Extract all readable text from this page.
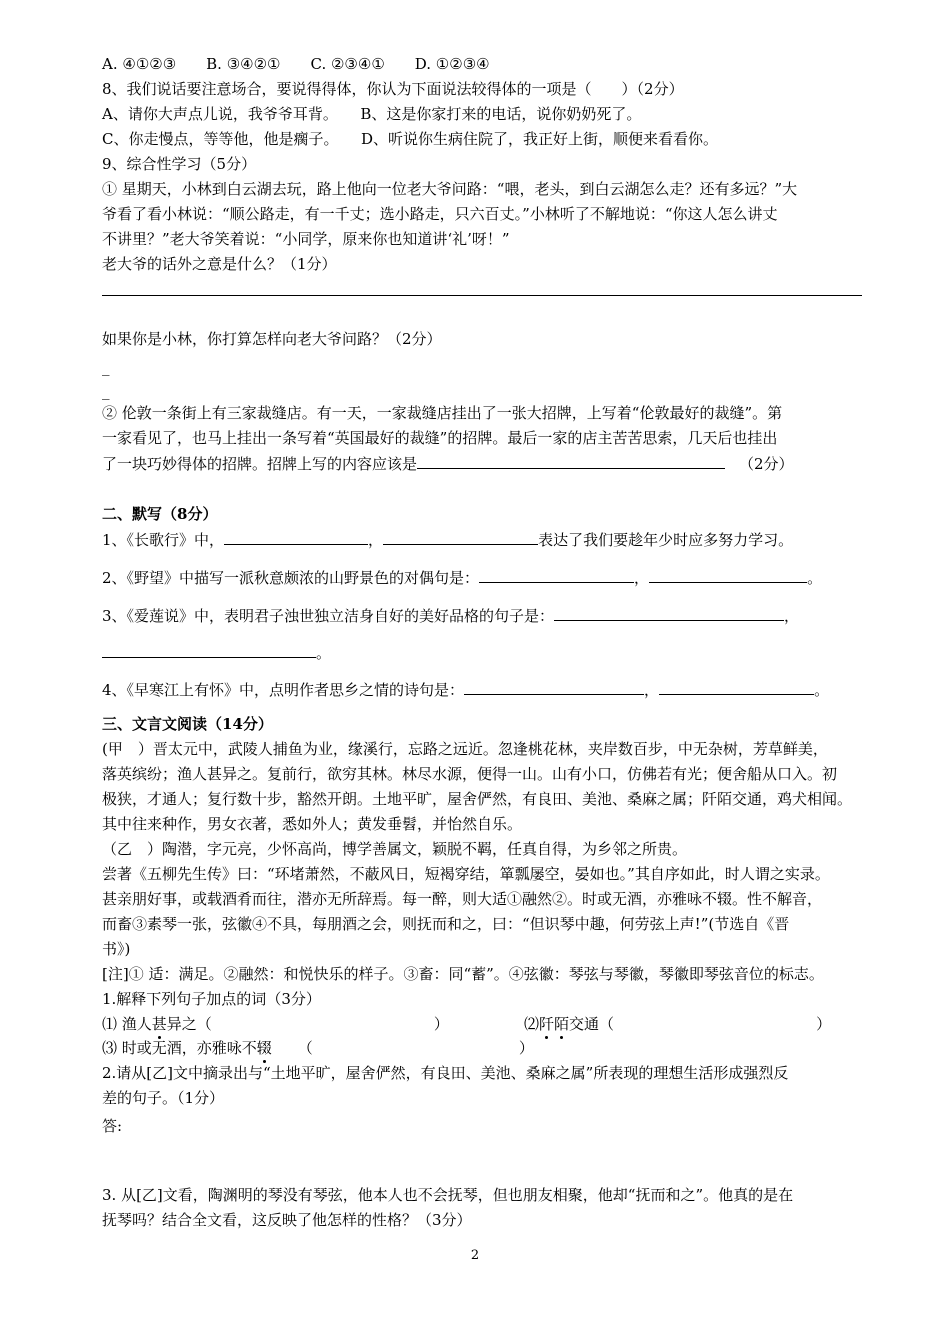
A. ④①②③　　B. ③④②①　　C. ②③④①　　D. ①②③④
8、我们说话要注意场合，要说得得体，你认为下面说法较得体的一项是（　　）（2分）
A、请你大声点儿说，我爷爷耳背。　　B、这是你家打来的电话，说你奶奶死了。
C、你走慢点，等等他，他是瘸子。　　D、听说你生病住院了，我正好上街，顺便来看看你。
9、综合性学习（5分）
① 星期天，小林到白云湖去玩，路上他向一位老大爷问路：“喂，老头，到白云湖怎么走？还有多远？”大
爷看了看小林说：“顺公路走，有一千丈；选小路走，只六百丈。”小林听了不解地说：“你这人怎么讲丈
不讲里？”老大爷笑着说：“小同学，原来你也知道讲‘礼’呀！”
老大爷的话外之意是什么？（1分）
如果你是小林，你打算怎样向老大爷问路？（2分）
_
_
② 伦敦一条街上有三家裁缝店。有一天，一家裁缝店挂出了一张大招牌，上写着“伦敦最好的裁缝”。第
一家看见了，也马上挂出一条写着“英国最好的裁缝”的招牌。最后一家的店主苦苦思索，几天后也挂出
了一块巧妙得体的招牌。招牌上写的内容应该是	（2分）
二、默写（8分）
1、《长歌行》中，	，	表达了我们要趁年少时应多努力学习。
2、《野望》中描写一派秋意颇浓的山野景色的对偶句是：	，	。
3、《爱莲说》中，表明君子浊世独立洁身自好的美好品格的句子是：	，
。
4、《早寒江上有怀》中，点明作者思乡之情的诗句是：	，	。
三、文言文阅读（14分）
(甲　）晋太元中，武陵人捕鱼为业，缘溪行，忘路之远近。忽逢桃花林，夹岸数百步，中无杂树，芳草鲜美，
落英缤纷；渔人甚异之。复前行，欲穷其林。林尽水源，便得一山。山有小口，仿佛若有光；便舍船从口入。初
极狭，才通人；复行数十步，豁然开朗。土地平旷，屋舍俨然，有良田、美池、桑麻之属；阡陌交通，鸡犬相闻。
其中往来种作，男女衣著，悉如外人；黄发垂髫，并怡然自乐。
（乙　）陶潜，字元亮，少怀高尚，博学善属文，颖脱不羁，任真自得，为乡邻之所贵。
尝著《五柳先生传》曰：“环堵萧然，不蔽风日，短褐穿结，箪瓢屡空，晏如也。”其自序如此，时人谓之实录。
甚亲朋好事，或载酒肴而往，潜亦无所辞焉。每一醉，则大适①融然②。时或无酒，亦雅咏不辍。性不解音，
而畜③素琴一张，弦徽④不具，每朋酒之会，则抚而和之，曰：“但识琴中趣，何劳弦上声!”(节选自《晋
书》)
[注]① 适：满足。②融然：和悦快乐的样子。③畜：同“蓄”。④弦徽：琴弦与琴徽，琴徽即琴弦音位的标志。
1.解释下列句子加点的词（3分）
⑴ 渔人甚异之（	）	⑵阡陌交通（	）
⑶ 时或无酒，亦雅咏不辍 （	）
2.请从[乙]文中摘录出与“土地平旷，屋舍俨然，有良田、美池、桑麻之属”所表现的理想生活形成强烈反
差的句子。（1分）
答:
3. 从[乙]文看，陶渊明的琴没有琴弦，他本人也不会抚琴，但也朋友相聚，他却“抚而和之”。他真的是在
抚琴吗？结合全文看，这反映了他怎样的性格？（3分）
2
